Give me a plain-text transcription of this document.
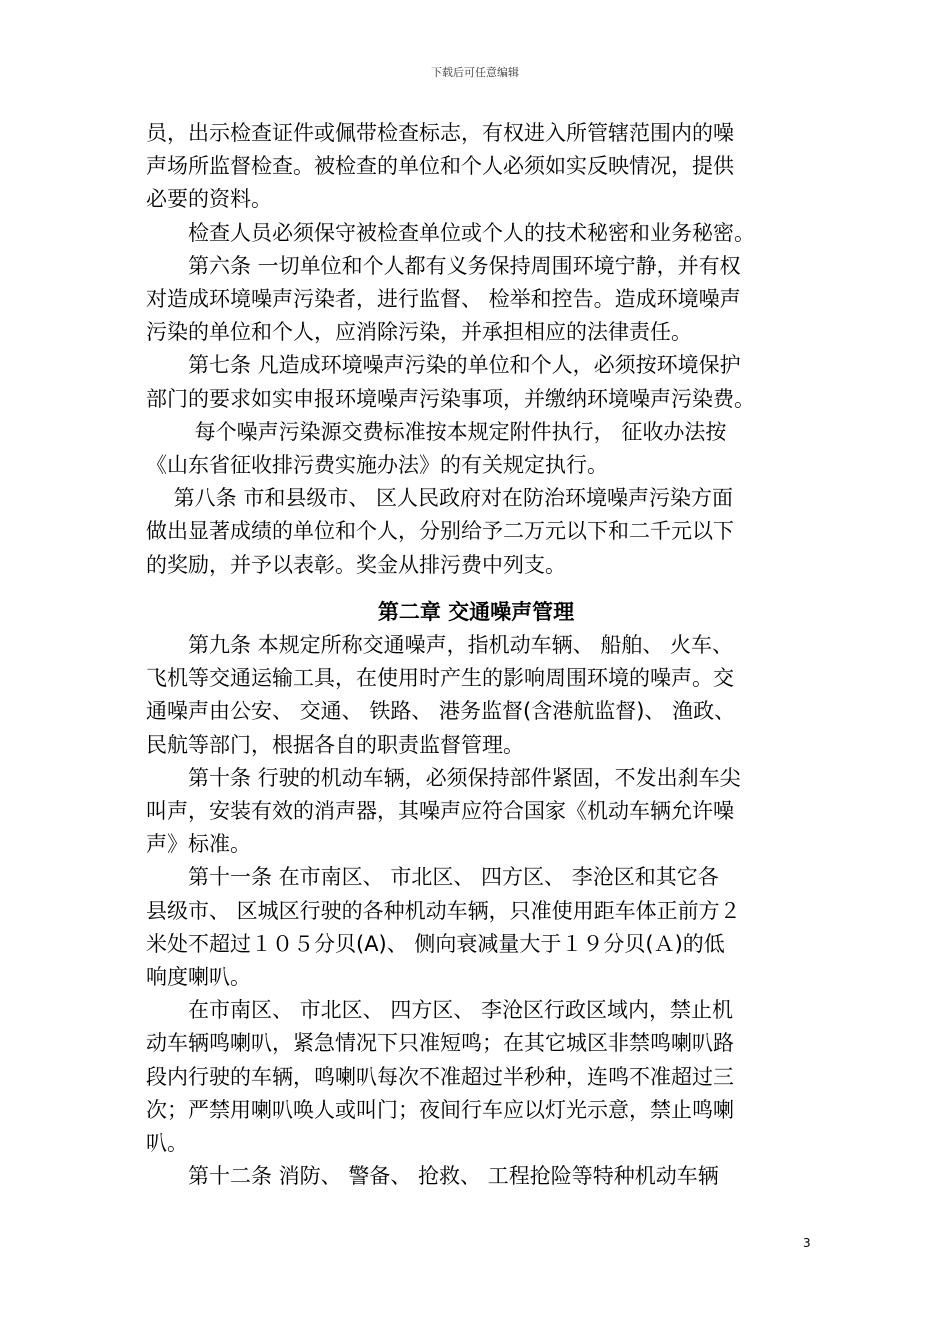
下载后可任意编辑

员，出示检查证件或佩带检查标志，有权进入所管辖范围内的噪

声场所监督检查。被检查的单位和个人必须如实反映情况，提供

必要的资料。

　　检查人员必须保守被检查单位或个人的技术秘密和业务秘密。

　　第六条 一切单位和个人都有义务保持周围环境宁静，并有权

对造成环境噪声污染者，进行监督、 检举和控告。造成环境噪声

污染的单位和个人，应消除污染，并承担相应的法律责任。

　　第七条 凡造成环境噪声污染的单位和个人，必须按环境保护

部门的要求如实申报环境噪声污染事项，并缴纳环境噪声污染费。

　　 每个噪声污染源交费标准按本规定附件执行， 征收办法按

《山东省征收排污费实施办法》的有关规定执行。

　 第八条 市和县级市、 区人民政府对在防治环境噪声污染方面

做出显著成绩的单位和个人，分别给予二万元以下和二千元以下

的奖励，并予以表彰。奖金从排污费中列支。

第二章 交通噪声管理

　　第九条 本规定所称交通噪声，指机动车辆、 船舶、 火车、

飞机等交通运输工具，在使用时产生的影响周围环境的噪声。交

通噪声由公安、 交通、 铁路、 港务监督(含港航监督)、 渔政、

民航等部门，根据各自的职责监督管理。

　　第十条 行驶的机动车辆，必须保持部件紧固，不发出刹车尖

叫声，安装有效的消声器，其噪声应符合国家《机动车辆允许噪

声》标准。

　　第十一条 在市南区、 市北区、 四方区、 李沧区和其它各

县级市、 区城区行驶的各种机动车辆，只准使用距车体正前方２

米处不超过１０５分贝(A)、 侧向衰减量大于１９分贝(Ａ)的低

响度喇叭。

　　在市南区、 市北区、 四方区、 李沧区行政区域内，禁止机

动车辆鸣喇叭，紧急情况下只准短鸣；在其它城区非禁鸣喇叭路

段内行驶的车辆，鸣喇叭每次不准超过半秒种，连鸣不准超过三

次；严禁用喇叭唤人或叫门；夜间行车应以灯光示意，禁止鸣喇

叭。

　　第十二条 消防、 警备、 抢救、 工程抢险等特种机动车辆

3
